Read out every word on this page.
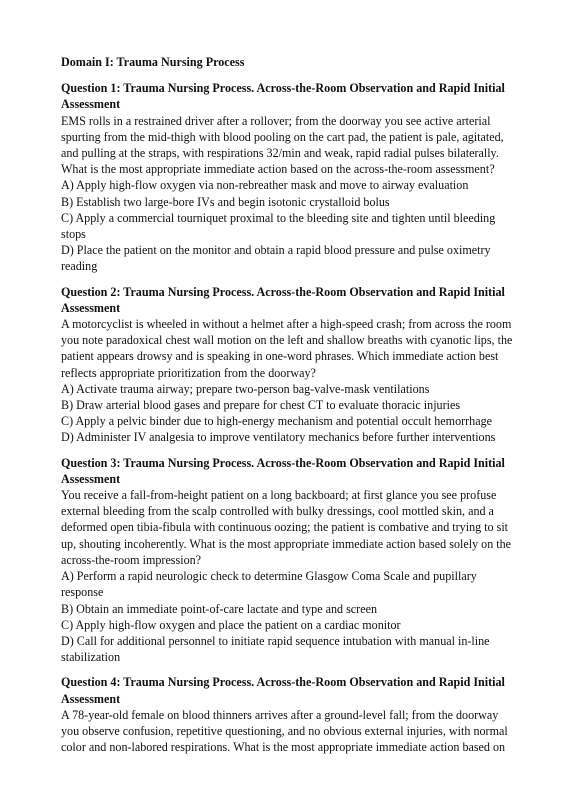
Domain I: Trauma Nursing Process
Question 1: Trauma Nursing Process. Across-the-Room Observation and Rapid Initial Assessment
EMS rolls in a restrained driver after a rollover; from the doorway you see active arterial spurting from the mid-thigh with blood pooling on the cart pad, the patient is pale, agitated, and pulling at the straps, with respirations 32/min and weak, rapid radial pulses bilaterally. What is the most appropriate immediate action based on the across-the-room assessment?
A) Apply high-flow oxygen via non-rebreather mask and move to airway evaluation
B) Establish two large-bore IVs and begin isotonic crystalloid bolus
C) Apply a commercial tourniquet proximal to the bleeding site and tighten until bleeding stops
D) Place the patient on the monitor and obtain a rapid blood pressure and pulse oximetry reading
Question 2: Trauma Nursing Process. Across-the-Room Observation and Rapid Initial Assessment
A motorcyclist is wheeled in without a helmet after a high-speed crash; from across the room you note paradoxical chest wall motion on the left and shallow breaths with cyanotic lips, the patient appears drowsy and is speaking in one-word phrases. Which immediate action best reflects appropriate prioritization from the doorway?
A) Activate trauma airway; prepare two-person bag-valve-mask ventilations
B) Draw arterial blood gases and prepare for chest CT to evaluate thoracic injuries
C) Apply a pelvic binder due to high-energy mechanism and potential occult hemorrhage
D) Administer IV analgesia to improve ventilatory mechanics before further interventions
Question 3: Trauma Nursing Process. Across-the-Room Observation and Rapid Initial Assessment
You receive a fall-from-height patient on a long backboard; at first glance you see profuse external bleeding from the scalp controlled with bulky dressings, cool mottled skin, and a deformed open tibia-fibula with continuous oozing; the patient is combative and trying to sit up, shouting incoherently. What is the most appropriate immediate action based solely on the across-the-room impression?
A) Perform a rapid neurologic check to determine Glasgow Coma Scale and pupillary response
B) Obtain an immediate point-of-care lactate and type and screen
C) Apply high-flow oxygen and place the patient on a cardiac monitor
D) Call for additional personnel to initiate rapid sequence intubation with manual in-line stabilization
Question 4: Trauma Nursing Process. Across-the-Room Observation and Rapid Initial Assessment
A 78-year-old female on blood thinners arrives after a ground-level fall; from the doorway you observe confusion, repetitive questioning, and no obvious external injuries, with normal color and non-labored respirations. What is the most appropriate immediate action based on
